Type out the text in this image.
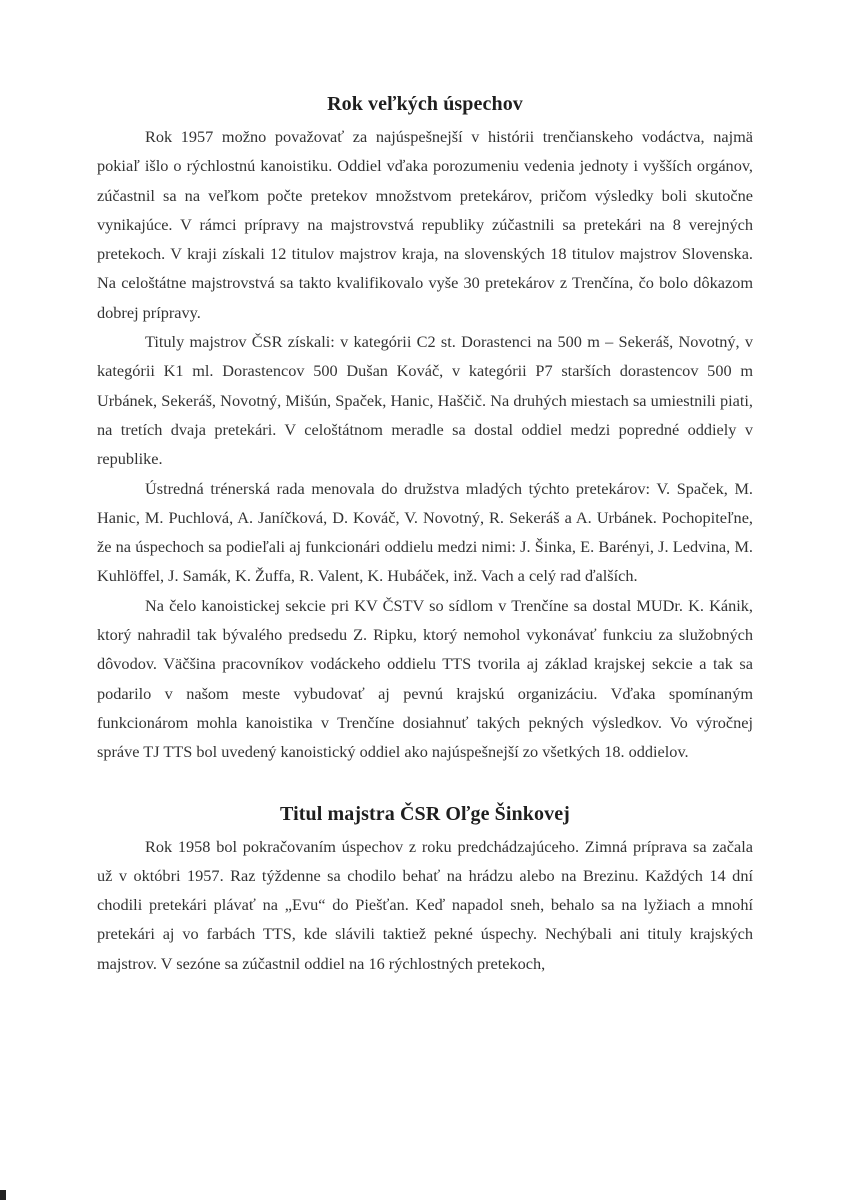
Rok veľkých úspechov

Rok 1957 možno považovať za najúspešnejší v histórii trenčianskeho vodáctva, najmä pokiaľ išlo o rýchlostnú kanoistiku. Oddiel vďaka porozumeniu vedenia jednoty i vyšších orgánov, zúčastnil sa na veľkom počte pretekov množstvom pretekárov, pričom výsledky boli skutočne vynikajúce. V rámci prípravy na majstrovstvá republiky zúčastnili sa pretekári na 8 verejných pretekoch. V kraji získali 12 titulov majstrov kraja, na slovenských 18 titulov majstrov Slovenska. Na celoštátne majstrovstvá sa takto kvalifikovalo vyše 30 pretekárov z Trenčína, čo bolo dôkazom dobrej prípravy.

Tituly majstrov ČSR získali: v kategórii C2 st. Dorastenci na 500 m – Sekeráš, Novotný, v kategórii K1 ml. Dorastencov 500 Dušan Kováč, v kategórii P7 starších dorastencov 500 m Urbánek, Sekeráš, Novotný, Mišún, Spaček, Hanic, Haščič. Na druhých miestach sa umiestnili piati, na tretích dvaja pretekári. V celoštátnom meradle sa dostal oddiel medzi popredné oddiely v republike.

Ústredná trénerská rada menovala do družstva mladých týchto pretekárov: V. Spaček, M. Hanic, M. Puchlová, A. Janíčková, D. Kováč, V. Novotný, R. Sekeráš a A. Urbánek. Pochopiteľne, že na úspechoch sa podieľali aj funkcionári oddielu medzi nimi: J. Šinka, E. Barényi, J. Ledvina, M. Kuhlöffel, J. Samák, K. Žuffa, R. Valent, K. Hubáček, inž. Vach a celý rad ďalších.

Na čelo kanoistickej sekcie pri KV ČSTV so sídlom v Trenčíne sa dostal MUDr. K. Kánik, ktorý nahradil tak bývalého predsedu Z. Ripku, ktorý nemohol vykonávať funkciu za služobných dôvodov. Väčšina pracovníkov vodáckeho oddielu TTS tvorila aj základ krajskej sekcie a tak sa podarilo v našom meste vybudovať aj pevnú krajskú organizáciu. Vďaka spomínaným funkcionárom mohla kanoistika v Trenčíne dosiahnuť takých pekných výsledkov. Vo výročnej správe TJ TTS bol uvedený kanoistický oddiel ako najúspešnejší zo všetkých 18. oddielov.

Titul majstra ČSR Oľge Šinkovej

Rok 1958 bol pokračovaním úspechov z roku predchádzajúceho. Zimná príprava sa začala už v októbri 1957. Raz týždenne sa chodilo behať na hrádzu alebo na Brezinu. Každých 14 dní chodili pretekári plávať na „Evu“ do Piešťan. Keď napadol sneh, behalo sa na lyžiach a mnohí pretekári aj vo farbách TTS, kde slávili taktiež pekné úspechy. Nechýbali ani tituly krajských majstrov. V sezóne sa zúčastnil oddiel na 16 rýchlostných pretekoch,
